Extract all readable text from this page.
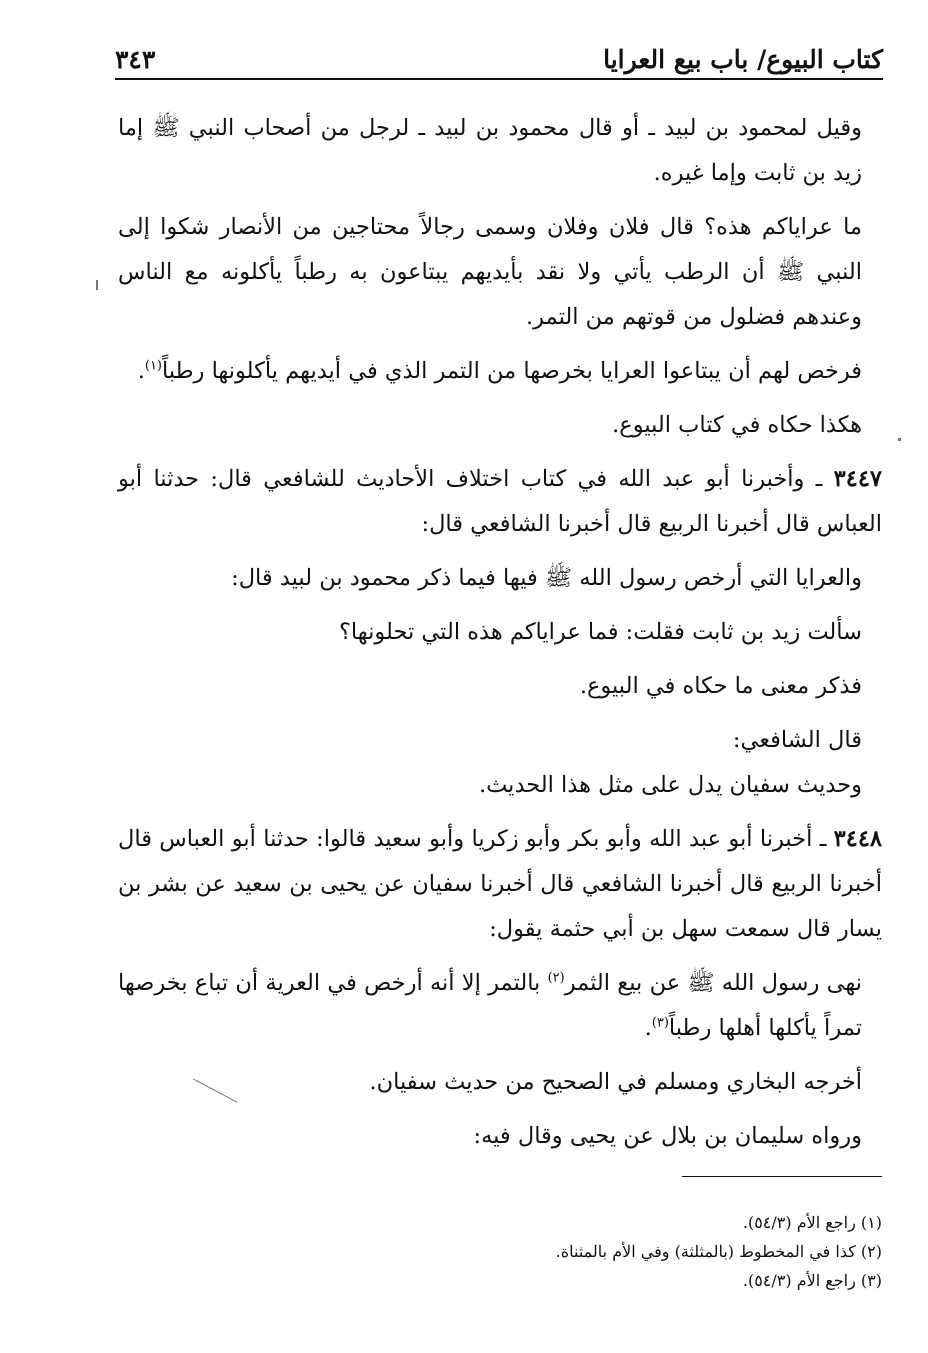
كتاب البيوع/ باب بيع العرايا
٣٤٣

وقيل لمحمود بن لبيد ـ أو قال محمود بن لبيد ـ لرجل من أصحاب النبي ﷺ إما زيد بن ثابت وإما غيره.

ما عراياكم هذه؟ قال فلان وفلان وسمى رجالاً محتاجين من الأنصار شكوا إلى النبي ﷺ أن الرطب يأتي ولا نقد بأيديهم يبتاعون به رطباً يأكلونه مع الناس وعندهم فضلول من قوتهم من التمر.

فرخص لهم أن يبتاعوا العرايا بخرصها من التمر الذي في أيديهم يأكلونها رطباً$^{(١)}$.

هكذا حكاه في كتاب البيوع.

٣٤٤٧ ـ وأخبرنا أبو عبد الله في كتاب اختلاف الأحاديث للشافعي قال: حدثنا أبو العباس قال أخبرنا الربيع قال أخبرنا الشافعي قال:

والعرايا التي أرخص رسول الله ﷺ فيها فيما ذكر محمود بن لبيد قال:

سألت زيد بن ثابت فقلت: فما عراياكم هذه التي تحلونها؟

فذكر معنى ما حكاه في البيوع.

قال الشافعي:

وحديث سفيان يدل على مثل هذا الحديث.

٣٤٤٨ ـ أخبرنا أبو عبد الله وأبو بكر وأبو زكريا وأبو سعيد قالوا: حدثنا أبو العباس قال أخبرنا الربيع قال أخبرنا الشافعي قال أخبرنا سفيان عن يحيى بن سعيد عن بشر بن يسار قال سمعت سهل بن أبي حثمة يقول:

نهى رسول الله ﷺ عن بيع الثمر$^{(٢)}$ بالتمر إلا أنه أرخص في العرية أن تباع بخرصها تمراً يأكلها أهلها رطباً$^{(٣)}$.

أخرجه البخاري ومسلم في الصحيح من حديث سفيان.

ورواه سليمان بن بلال عن يحيى وقال فيه:

(١) راجع الأم (٥٤/٣).

(٢) كذا في المخطوط (بالمثلثة) وفي الأم بالمثناة.

(٣) راجع الأم (٥٤/٣).
